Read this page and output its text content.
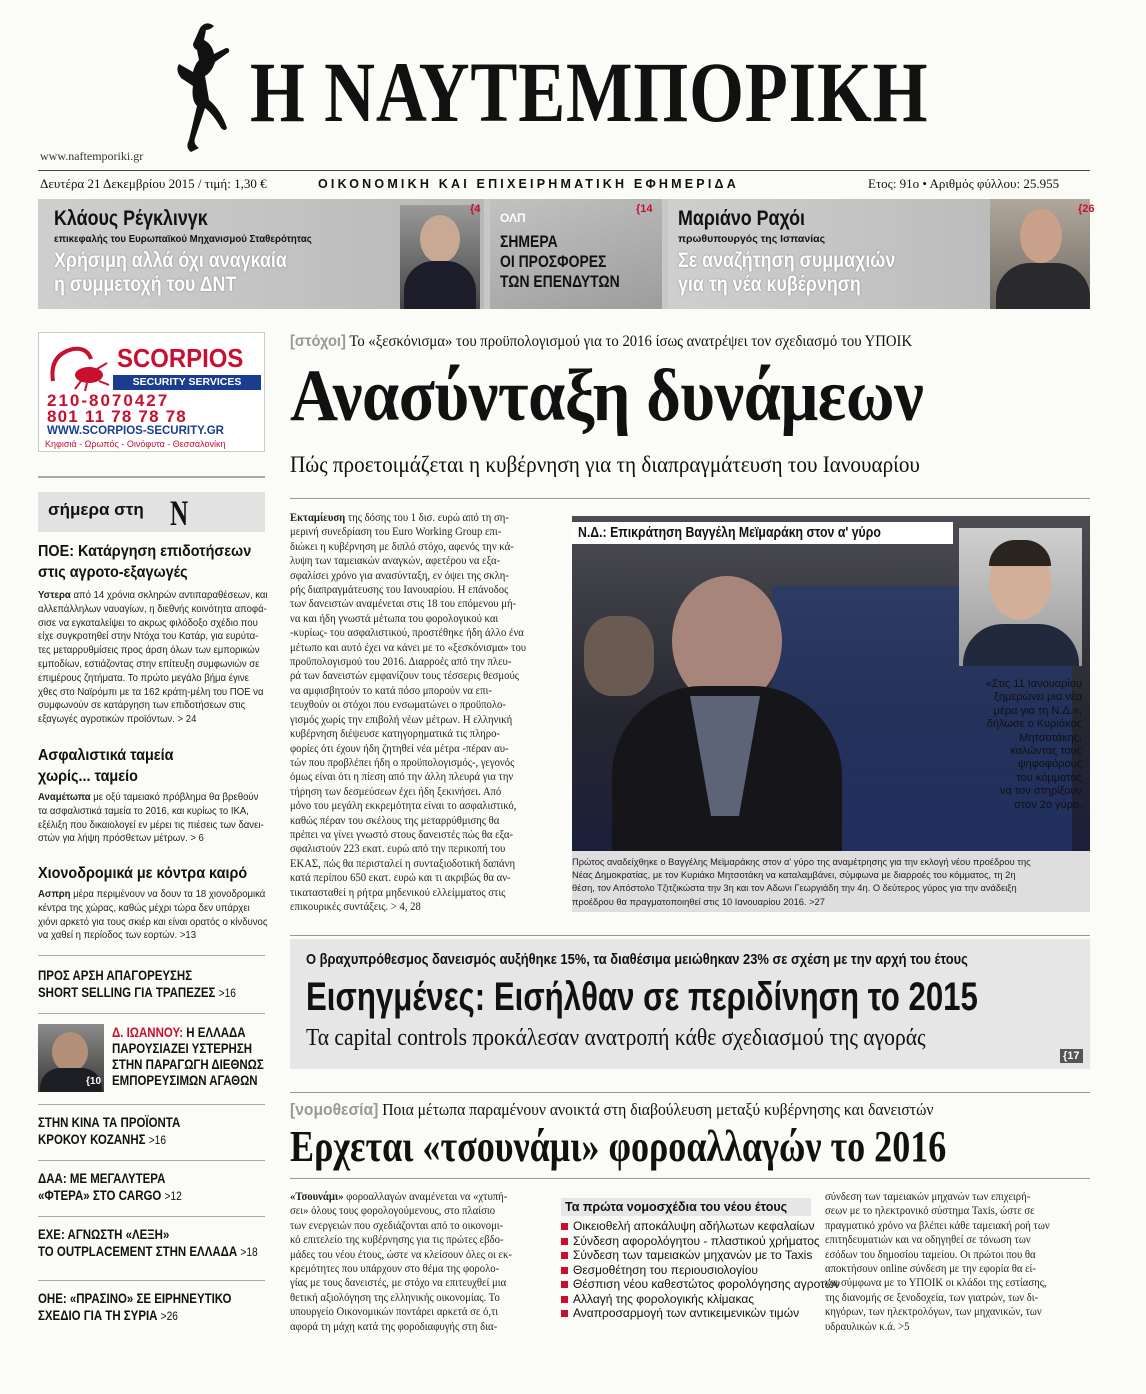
Η ΝΑΥΤΕΜΠΟΡΙΚΗ
www.naftemporiki.gr
Δευτέρα 21 Δεκεμβρίου 2015 / τιμή: 1,30 €	ΟΙΚΟΝΟΜΙΚΗ ΚΑΙ ΕΠΙΧΕΙΡΗΜΑΤΙΚΗ ΕΦΗΜΕΡΙΔΑ	Ετος: 91ο • Αριθμός φύλλου: 25.955
Κλάους Ρέγκλινγκ
επικεφαλής του Ευρωπαϊκού Μηχανισμού Σταθερότητας
Χρήσιμη αλλά όχι αναγκαία
η συμμετοχή του ΔΝΤ
{4
ΟΛΠ
ΣΗΜΕΡΑ
ΟΙ ΠΡΟΣΦΟΡΕΣ
ΤΩΝ ΕΠΕΝΔΥΤΩΝ
{14 Μαριάνο Ραχόι
πρωθυπουργός της Ισπανίας
Σε αναζήτηση συμμαχιών
για τη νέα κυβέρνηση
{26
SCORPIOS
SECURITY SERVICES
210-8070427
801 11 78 78 78
WWW.SCORPIOS-SECURITY.GR
Κηφισιά - Ωρωπός - Οινόφυτα - Θεσσαλονίκη
σήμερα στη N
ΠΟΕ: Κατάργηση επιδοτήσεων
στις αγροτο-εξαγωγές
Υστερα από 14 χρόνια σκληρών αντιπαραθέσεων, και
αλλεπάλληλων ναυαγίων, η διεθνής κοινότητα αποφά-
σισε να εγκαταλείψει το ακρως φιλόδοξο σχέδιο που
είχε συγκροτηθεί στην Ντόχα του Κατάρ, για ευρύτα-
τες μεταρρυθμίσεις προς άρση όλων των εμπορικών
εμποδίων, εστιάζοντας στην επίτευξη συμφωνιών σε
επιμέρους ζητήματα. Το πρώτο μεγάλο βήμα έγινε
χθες στο Ναϊρόμπι με τα 162 κράτη-μέλη του ΠΟΕ να
συμφωνούν σε κατάργηση των επιδοτήσεων στις
εξαγωγές αγροτικών προϊόντων. > 24
Ασφαλιστικά ταμεία
χωρίς... ταμείο
Αναμέτωπα με οξύ ταμειακό πρόβλημα θα βρεθούν
τα ασφαλιστικά ταμεία το 2016, και κυρίως το ΙΚΑ,
εξέλιξη που δικαιολογεί εν μέρει τις πιέσεις των δανει-
στών για λήψη πρόσθετων μέτρων. > 6
Χιονοδρομικά με κόντρα καιρό
Ασπρη μέρα περιμένουν να δουν τα 18 χιονοδρομικά
κέντρα της χώρας, καθώς μέχρι τώρα δεν υπάρχει
χιόνι αρκετό για τους σκιέρ και είναι ορατός ο κίνδυνος
να χαθεί η περίοδος των εορτών. >13
ΠΡΟΣ ΑΡΣΗ ΑΠΑΓΟΡΕΥΣΗΣ
SHORT SELLING ΓΙΑ ΤΡΑΠΕΖΕΣ >16
{10
Δ. ΙΩΑΝΝΟΥ: Η ΕΛΛΑΔΑ
ΠΑΡΟΥΣΙΑΖΕΙ ΥΣΤΕΡΗΣΗ
ΣΤΗΝ ΠΑΡΑΓΩΓΗ ΔΙΕΘΝΩΣ
ΕΜΠΟΡΕΥΣΙΜΩΝ ΑΓΑΘΩΝ
ΣΤΗΝ ΚΙΝΑ ΤΑ ΠΡΟΪΟΝΤΑ
ΚΡΟΚΟΥ ΚΟΖΑΝΗΣ >16
ΔΑΑ: ΜΕ ΜΕΓΑΛΥΤΕΡΑ
«ΦΤΕΡΑ» ΣΤΟ CARGO >12
ΕΧΕ: ΑΓΝΩΣΤΗ «ΛΕΞΗ»
ΤΟ OUTPLACEMENT ΣΤΗΝ ΕΛΛΑΔΑ >18
ΟΗΕ: «ΠΡΑΣΙΝΟ» ΣΕ ΕΙΡΗΝΕΥΤΙΚΟ
ΣΧΕΔΙΟ ΓΙΑ ΤΗ ΣΥΡΙΑ >26
[στόχοι] Το «ξεσκόνισμα» του προϋπολογισμού για το 2016 ίσως ανατρέψει τον σχεδιασμό του ΥΠΟΙΚ
Ανασύνταξη δυνάμεων
Πώς προετοιμάζεται η κυβέρνηση για τη διαπραγμάτευση του Ιανουαρίου
Εκταμίευση της δόσης του 1 δισ. ευρώ από τη ση-
μερινή συνεδρίαση του Euro Working Group επι-
διώκει η κυβέρνηση με διπλό στόχο, αφενός την κά-
λυψη των ταμειακών αναγκών, αφετέρου να εξα-
σφαλίσει χρόνο για ανασύνταξη, εν όψει της σκλη-
ρής διαπραγμάτευσης του Ιανουαρίου. Η επάνοδος
των δανειστών αναμένεται στις 18 του επόμενου μή-
να και ήδη γνωστά μέτωπα του φορολογικού και
-κυρίως- του ασφαλιστικού, προστέθηκε ήδη άλλο ένα
μέτωπο και αυτό έχει να κάνει με το «ξεσκόνισμα» του
προϋπολογισμού του 2016. Διαρροές από την πλευ-
ρά των δανειστών εμφανίζουν τους τέσσερις θεσμούς
να αμφισβητούν το κατά πόσο μπορούν να επι-
τευχθούν οι στόχοι που ενσωματώνει ο προϋπολο-
γισμός χωρίς την επιβολή νέων μέτρων. Η ελληνική
κυβέρνηση διέψευσε κατηγορηματικά τις πληρο-
φορίες ότι έχουν ήδη ζητηθεί νέα μέτρα -πέραν αυ-
τών που προβλέπει ήδη ο προϋπολογισμός-, γεγονός
όμως είναι ότι η πίεση από την άλλη πλευρά για την
τήρηση των δεσμεύσεων έχει ήδη ξεκινήσει. Από
μόνο του μεγάλη εκκρεμότητα είναι το ασφαλιστικό,
καθώς πέραν του σκέλους της μεταρρύθμισης θα
πρέπει να γίνει γνωστό στους δανειστές πώς θα εξα-
σφαλιστούν 223 εκατ. ευρώ από την περικοπή του
ΕΚΑΣ, πώς θα περισταλεί η συνταξιοδοτική δαπάνη
κατά περίπου 650 εκατ. ευρώ και τι ακριβώς θα αν-
τικατασταθεί η ρήτρα μηδενικού ελλείμματος στις
επικουρικές συντάξεις. > 4, 28
Ν.Δ.: Επικράτηση Βαγγέλη Μεϊμαράκη στον α' γύρο
«Στις 11 Ιανουαρίου
ξημερώνει μια νέα
μέρα για τη Ν.Δ.»,
δήλωσε ο Κυριάκος
Μητσοτάκης,
καλώντας τους
ψηφοφόρους
του κόμματος
να τον στηρίξουν
στον 2ο γύρο.
Πρώτος αναδείχθηκε ο Βαγγέλης Μεϊμαράκης στον α' γύρο της αναμέτρησης για την εκλογή νέου προέδρου της
Νέας Δημοκρατίας, με τον Κυριάκο Μητσοτάκη να καταλαμβάνει, σύμφωνα με διαρροές του κόμματος, τη 2η
θέση, τον Απόστολο Τζιτζικώστα την 3η και τον Αδωνι Γεωργιάδη την 4η. Ο δεύτερος γύρος για την ανάδειξη
προέδρου θα πραγματοποιηθεί στις 10 Ιανουαρίου 2016. >27
Ο βραχυπρόθεσμος δανεισμός αυξήθηκε 15%, τα διαθέσιμα μειώθηκαν 23% σε σχέση με την αρχή του έτους
Εισηγμένες: Εισήλθαν σε περιδίνηση το 2015
Τα capital controls προκάλεσαν ανατροπή κάθε σχεδιασμού της αγοράς
{17
[νομοθεσία] Ποια μέτωπα παραμένουν ανοικτά στη διαβούλευση μεταξύ κυβέρνησης και δανειστών
Ερχεται «τσουνάμι» φοροαλλαγών το 2016
«Τσουνάμι» φοροαλλαγών αναμένεται να «χτυπή-
σει» όλους τους φορολογούμενους, στο πλαίσιο
των ενεργειών που σχεδιάζονται από το οικονομι-
κό επιτελείο της κυβέρνησης για τις πρώτες εβδο-
μάδες του νέου έτους, ώστε να κλείσουν όλες οι εκ-
κρεμότητες που υπάρχουν στο θέμα της φορολο-
γίας με τους δανειστές, με στόχο να επιτευχθεί μια
θετική αξιολόγηση της ελληνικής οικονομίας. Το
υπουργείο Οικονομικών ποντάρει αρκετά σε ό,τι
αφορά τη μάχη κατά της φοροδιαφυγής στη δια-
Τα πρώτα νομοσχέδια του νέου έτους
Οικειοθελή αποκάλυψη αδήλωτων κεφαλαίων
Σύνδεση αφορολόγητου - πλαστικού χρήματος
Σύνδεση των ταμειακών μηχανών με το Taxis
Θεσμοθέτηση του περιουσιολογίου
Θέσπιση νέου καθεστώτος φορολόγησης αγροτών
Αλλαγή της φορολογικής κλίμακας
Αναπροσαρμογή των αντικειμενικών τιμών
σύνδεση των ταμειακών μηχανών των επιχειρή-
σεων με το ηλεκτρονικό σύστημα Taxis, ώστε σε
πραγματικό χρόνο να βλέπει κάθε ταμειακή ροή των
επιτηδευματιών και να οδηγηθεί σε τόνωση των
εσόδων του δημοσίου ταμείου. Οι πρώτοι που θα
αποκτήσουν online σύνδεση με την εφορία θα εί-
ναι σύμφωνα με το ΥΠΟΙΚ οι κλάδοι της εστίασης,
της διανομής σε ξενοδοχεία, των γιατρών, των δι-
κηγόρων, των ηλεκτρολόγων, των μηχανικών, των
υδραυλικών κ.ά. >5
